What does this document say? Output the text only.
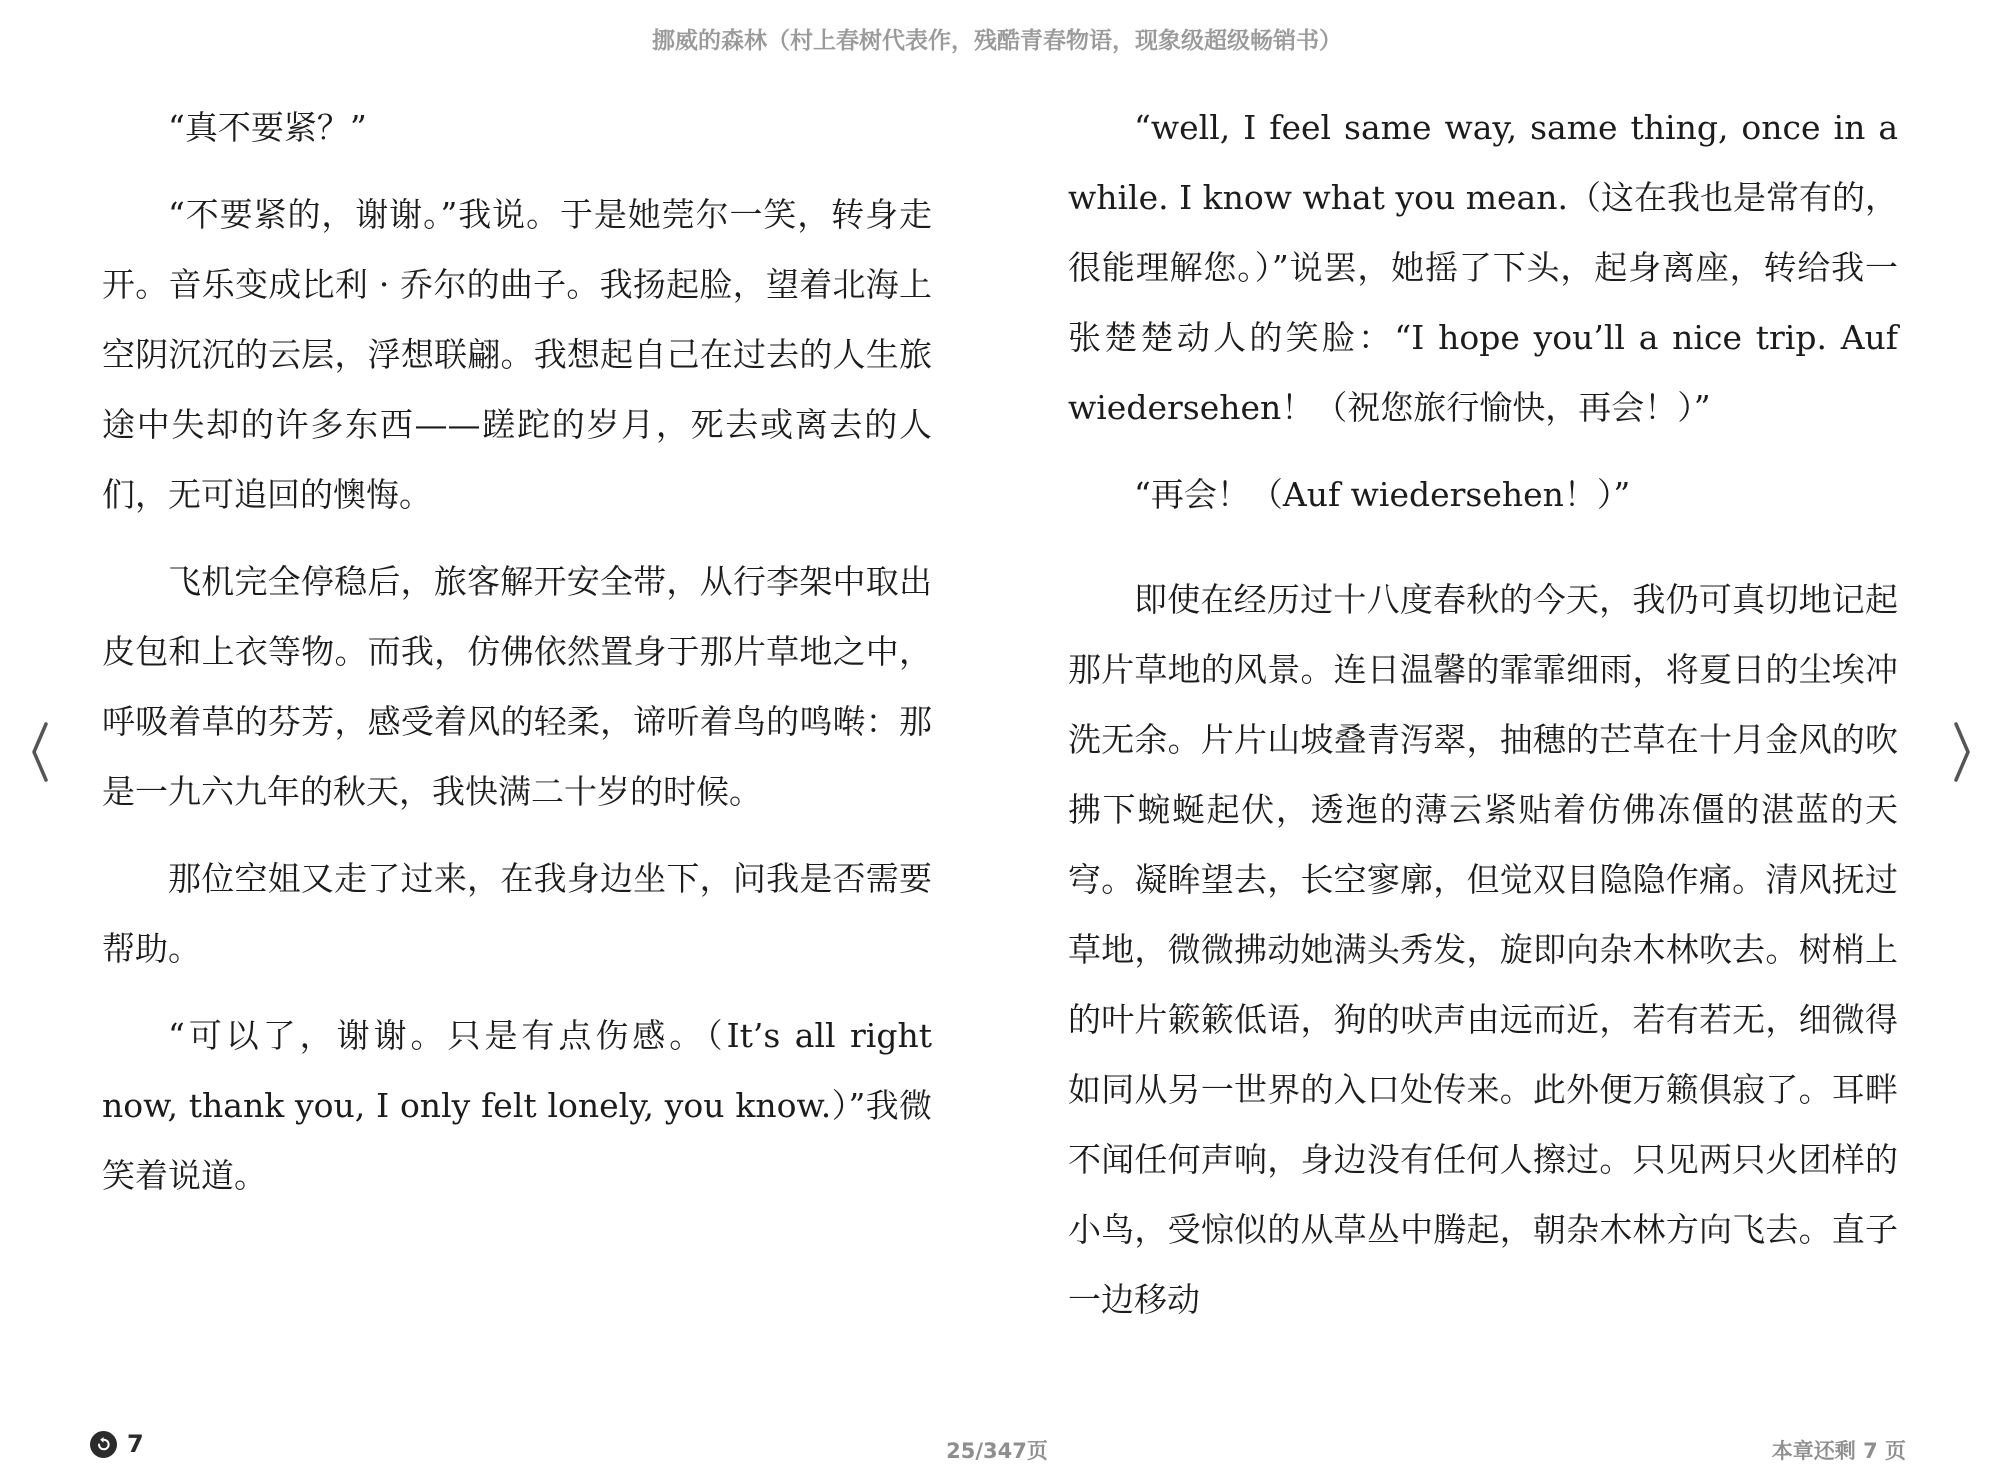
挪威的森林（村上春树代表作，残酷青春物语，现象级超级畅销书）

“真不要紧？”

“不要紧的，谢谢。”我说。于是她莞尔一笑，转身走开。音乐变成比利 · 乔尔的曲子。我扬起脸，望着北海上空阴沉沉的云层，浮想联翩。我想起自己在过去的人生旅途中失却的许多东西——蹉跎的岁月，死去或离去的人们，无可追回的懊悔。

飞机完全停稳后，旅客解开安全带，从行李架中取出皮包和上衣等物。而我，仿佛依然置身于那片草地之中，呼吸着草的芬芳，感受着风的轻柔，谛听着鸟的鸣啭：那是一九六九年的秋天，我快满二十岁的时候。

那位空姐又走了过来，在我身边坐下，问我是否需要帮助。

“可以了，谢谢。只是有点伤感。（It’s all right now, thank you, I only felt lonely, you know.）”我微笑着说道。

“well, I feel same way, same thing, once in a while. I know what you mean.（这在我也是常有的，很能理解您。）”说罢，她摇了下头，起身离座，转给我一张楚楚动人的笑脸：“I hope you’ll a nice trip. Auf wiedersehen！（祝您旅行愉快，再会！）”

“再会！（Auf wiedersehen！）”

即使在经历过十八度春秋的今天，我仍可真切地记起那片草地的风景。连日温馨的霏霏细雨，将夏日的尘埃冲洗无余。片片山坡叠青泻翠，抽穗的芒草在十月金风的吹拂下蜿蜒起伏，透迤的薄云紧贴着仿佛冻僵的湛蓝的天穹。凝眸望去，长空寥廓，但觉双目隐隐作痛。清风抚过草地，微微拂动她满头秀发，旋即向杂木林吹去。树梢上的叶片簌簌低语，狗的吠声由远而近，若有若无，细微得如同从另一世界的入口处传来。此外便万籁俱寂了。耳畔不闻任何声响，身边没有任何人擦过。只见两只火团样的小鸟，受惊似的从草丛中腾起，朝杂木林方向飞去。直子一边移动

7	25/347页	本章还剩 7 页
